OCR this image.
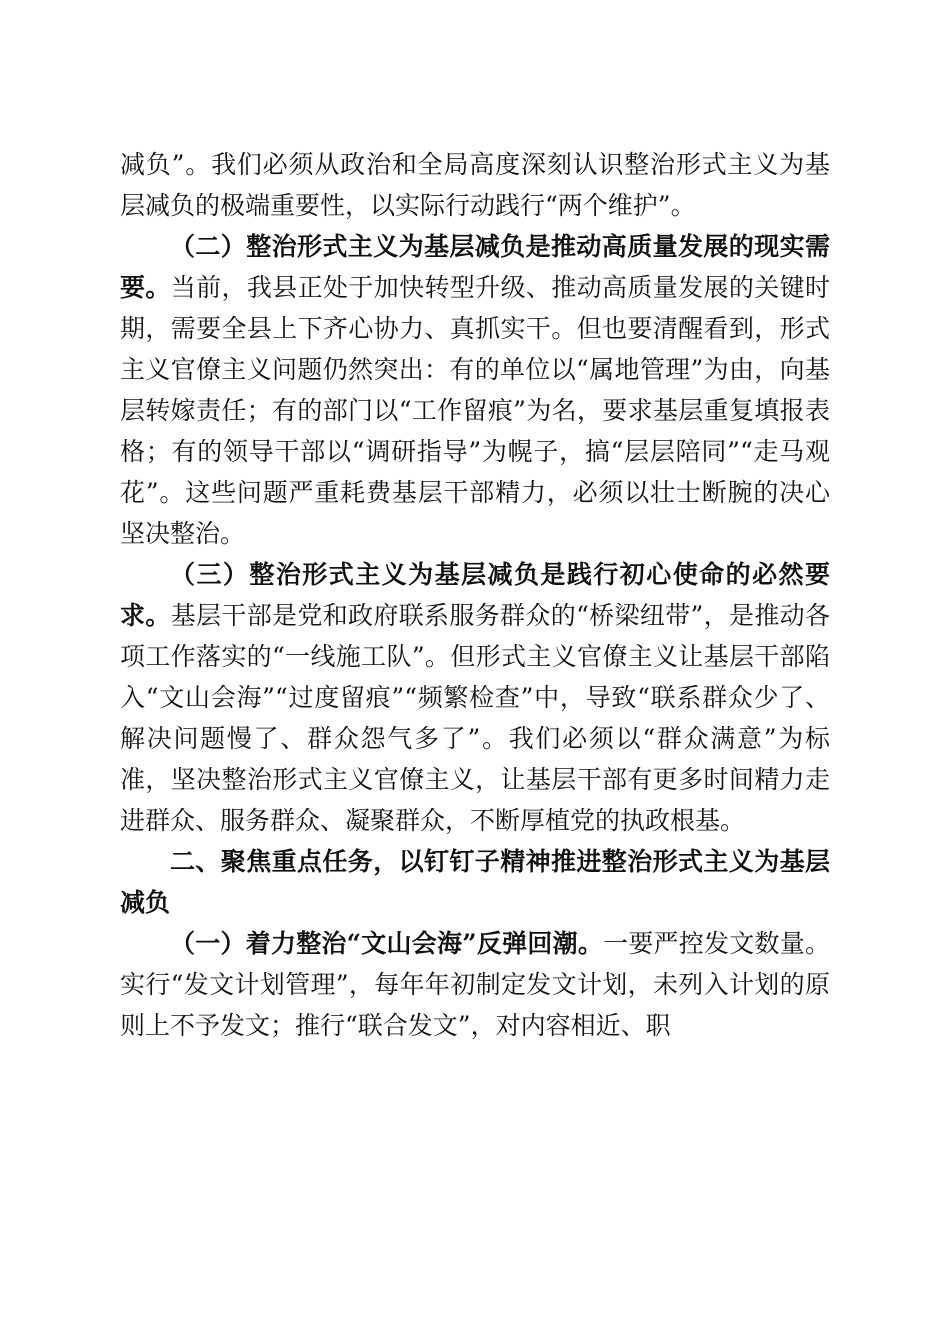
减负”。我们必须从政治和全局高度深刻认识整治形式主义为基层减负的极端重要性，以实际行动践行“两个维护”。

（二）整治形式主义为基层减负是推动高质量发展的现实需要。当前，我县正处于加快转型升级、推动高质量发展的关键时期，需要全县上下齐心协力、真抓实干。但也要清醒看到，形式主义官僚主义问题仍然突出：有的单位以“属地管理”为由，向基层转嫁责任；有的部门以“工作留痕”为名，要求基层重复填报表格；有的领导干部以“调研指导”为幌子，搞“层层陪同”“走马观花”。这些问题严重耗费基层干部精力，必须以壮士断腕的决心坚决整治。

（三）整治形式主义为基层减负是践行初心使命的必然要求。基层干部是党和政府联系服务群众的“桥梁纽带”，是推动各项工作落实的“一线施工队”。但形式主义官僚主义让基层干部陷入“文山会海”“过度留痕”“频繁检查”中，导致“联系群众少了、解决问题慢了、群众怨气多了”。我们必须以“群众满意”为标准，坚决整治形式主义官僚主义，让基层干部有更多时间精力走进群众、服务群众、凝聚群众，不断厚植党的执政根基。

二、聚焦重点任务，以钉钉子精神推进整治形式主义为基层减负

（一）着力整治“文山会海”反弹回潮。一要严控发文数量。实行“发文计划管理”，每年年初制定发文计划，未列入计划的原则上不予发文；推行“联合发文”，对内容相近、职
